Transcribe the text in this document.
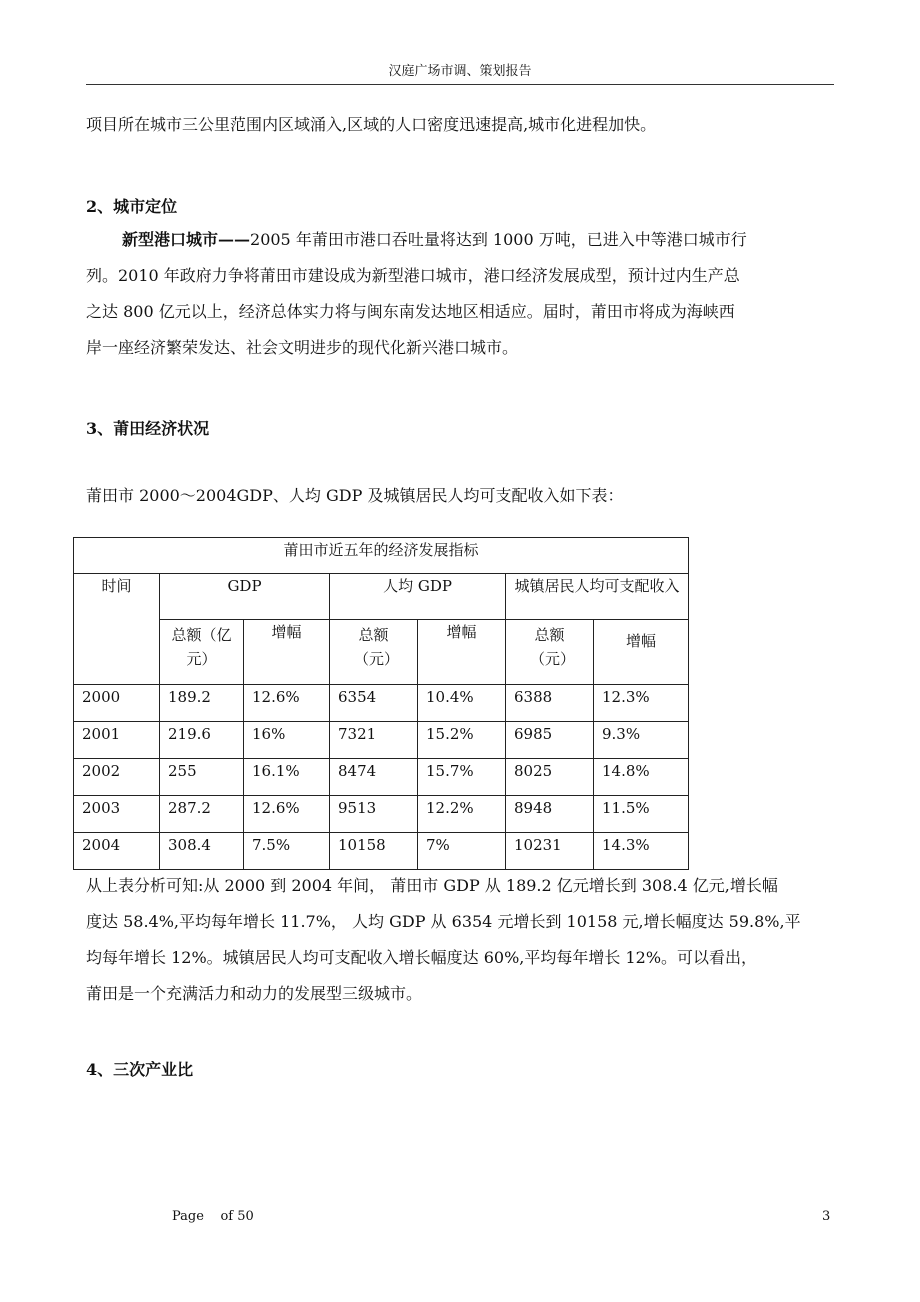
汉庭广场市调、策划报告

项目所在城市三公里范围内区域涌入,区域的人口密度迅速提高,城市化进程加快。

2、城市定位

新型港口城市——2005 年莆田市港口吞吐量将达到 1000 万吨，已进入中等港口城市行

列。2010 年政府力争将莆田市建设成为新型港口城市，港口经济发展成型，预计过内生产总

之达 800 亿元以上，经济总体实力将与闽东南发达地区相适应。届时，莆田市将成为海峡西

岸一座经济繁荣发达、社会文明进步的现代化新兴港口城市。

3、莆田经济状况

莆田市 2000～2004GDP、人均 GDP 及城镇居民人均可支配收入如下表：

莆田市近五年的经济发展指标						
时间	GDP		人均 GDP		城镇居民人均可支配收入	
	总额（亿元）	增幅	总额（元）	增幅	总额（元）	增幅
2000	189.2	12.6%	6354	10.4%	6388	12.3%
2001	219.6	16%	7321	15.2%	6985	9.3%
2002	255	16.1%	8474	15.7%	8025	14.8%
2003	287.2	12.6%	9513	12.2%	8948	11.5%
2004	308.4	7.5%	10158	7%	10231	14.3%

从上表分析可知:从 2000 到 2004 年间， 莆田市 GDP 从 189.2 亿元增长到 308.4 亿元,增长幅

度达 58.4%,平均每年增长 11.7%， 人均 GDP 从 6354 元增长到 10158 元,增长幅度达 59.8%,平

均每年增长 12%。城镇居民人均可支配收入增长幅度达 60%,平均每年增长 12%。可以看出，

莆田是一个充满活力和动力的发展型三级城市。

4、三次产业比

Page    of 50	3
